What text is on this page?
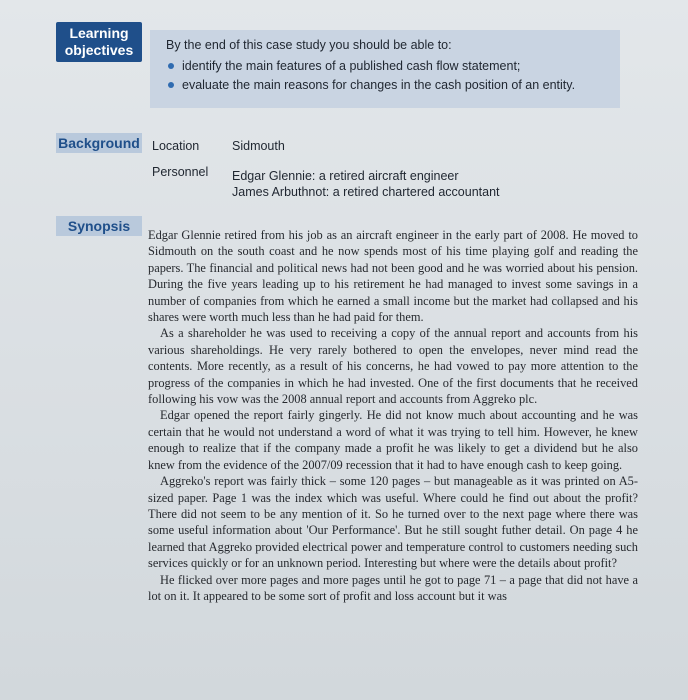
Learning
objectives	By the end of this case study you should be able to:
identify the main features of a published cash flow statement;
evaluate the main reasons for changes in the cash position of an entity.
Background Location	Sidmouth
Personnel Edgar Glennie: a retired aircraft engineer
James Arbuthnot: a retired chartered accountant
Synopsis

Edgar Glennie retired from his job as an aircraft engineer in the early part of 2008. He moved to Sidmouth on the south coast and he now spends most of his time playing golf and reading the papers. The financial and political news had not been good and he was worried about his pension. During the five years leading up to his retirement he had managed to invest some savings in a number of companies from which he earned a small income but the market had collapsed and his shares were worth much less than he had paid for them.

As a shareholder he was used to receiving a copy of the annual report and accounts from his various shareholdings. He very rarely bothered to open the envelopes, never mind read the contents. More recently, as a result of his concerns, he had vowed to pay more attention to the progress of the companies in which he had invested. One of the first documents that he received following his vow was the 2008 annual report and accounts from Aggreko plc.

Edgar opened the report fairly gingerly. He did not know much about accounting and he was certain that he would not understand a word of what it was trying to tell him. However, he knew enough to realize that if the company made a profit he was likely to get a dividend but he also knew from the evidence of the 2007/09 recession that it had to have enough cash to keep going.

Aggreko's report was fairly thick – some 120 pages – but manageable as it was printed on A5-sized paper. Page 1 was the index which was useful. Where could he find out about the profit? There did not seem to be any mention of it. So he turned over to the next page where there was some useful information about 'Our Performance'. But he still sought futher detail. On page 4 he learned that Aggreko provided electrical power and temperature control to customers needing such services quickly or for an unknown period. Interesting but where were the details about profit?

He flicked over more pages and more pages until he got to page 71 – a page that did not have a lot on it. It appeared to be some sort of profit and loss account but it was
